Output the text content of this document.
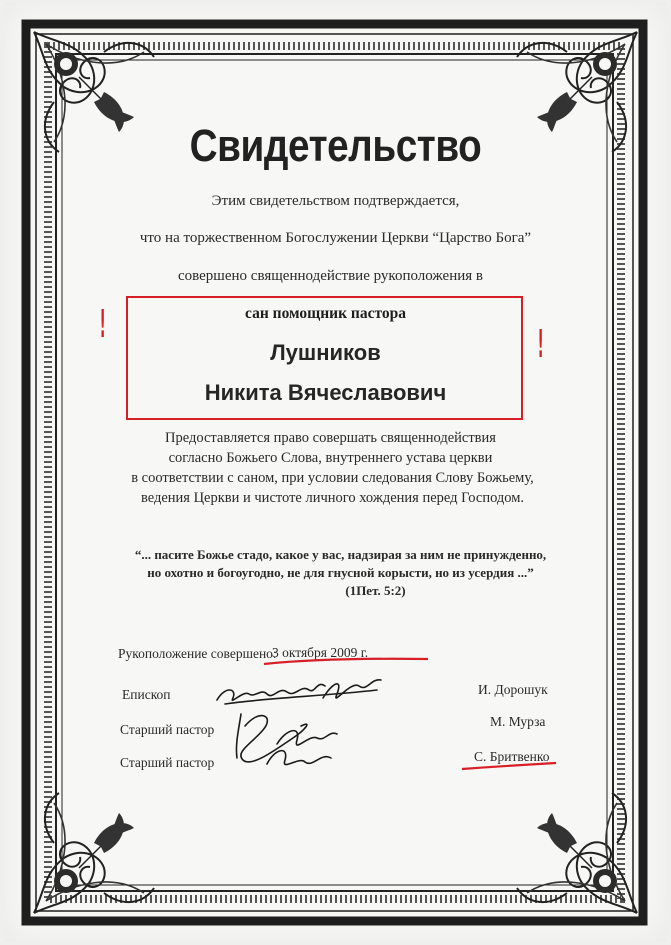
Свидетельство
Этим свидетельством подтверждается,
что на торжественном Богослужении Церкви “Царство Бога”
совершено священнодействие рукоположения в
сан помощник пастора
Лушников
Никита Вячеславович
!	!
Предоставляется право совершать священнодействия
согласно Божьего Слова, внутреннего устава церкви
в соответствии с саном, при условии следования Слову Божьему,
ведения Церкви и чистоте личного хождения перед Господом.
“... пасите Божье стадо, какое у вас, надзирая за ним не принужденно,
но охотно и богоугодно, не для гнусной корысти, но из усердия ...”
(1Пет. 5:2)
Рукоположение совершено:
3 октября 2009 г.
Епископ
Старший пастор
Старший пастор
И. Дорошук
М. Мурза
С. Бритвенко
